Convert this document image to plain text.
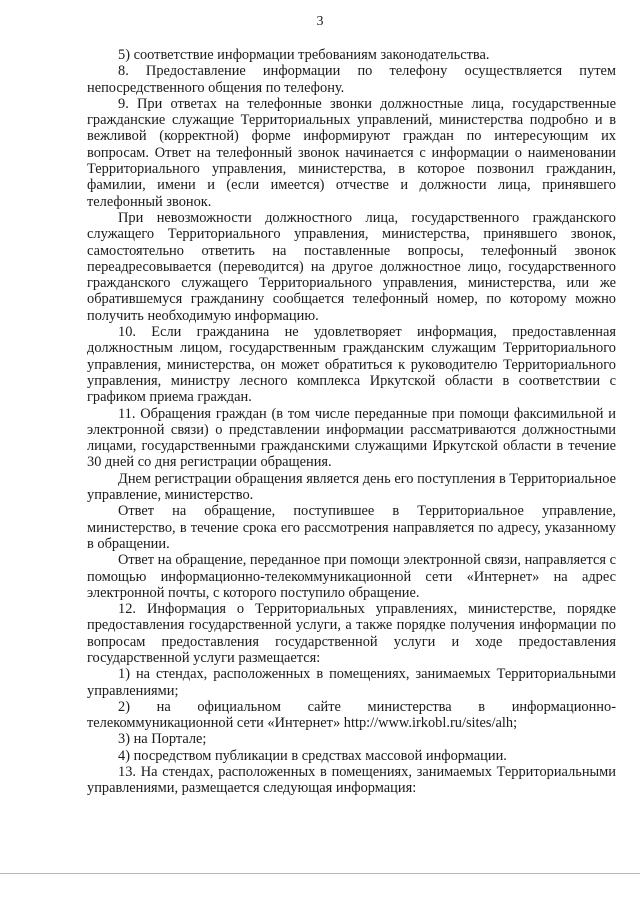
3

5) соответствие информации требованиям законодательства.

8. Предоставление информации по телефону осуществляется путем непосредственного общения по телефону.

9. При ответах на телефонные звонки должностные лица, государственные гражданские служащие Территориальных управлений, министерства подробно и в вежливой (корректной) форме информируют граждан по интересующим их вопросам. Ответ на телефонный звонок начинается с информации о наименовании Территориального управления, министерства, в которое позвонил гражданин, фамилии, имени и (если имеется) отчестве и должности лица, принявшего телефонный звонок.

При невозможности должностного лица, государственного гражданского служащего Территориального управления, министерства, принявшего звонок, самостоятельно ответить на поставленные вопросы, телефонный звонок переадресовывается (переводится) на другое должностное лицо, государственного гражданского служащего Территориального управления, министерства, или же обратившемуся гражданину сообщается телефонный номер, по которому можно получить необходимую информацию.

10. Если гражданина не удовлетворяет информация, предоставленная должностным лицом, государственным гражданским служащим Территориального управления, министерства, он может обратиться к руководителю Территориального управления, министру лесного комплекса Иркутской области в соответствии с графиком приема граждан.

11. Обращения граждан (в том числе переданные при помощи факсимильной и электронной связи) о представлении информации рассматриваются должностными лицами, государственными гражданскими служащими Иркутской области в течение 30 дней со дня регистрации обращения.

Днем регистрации обращения является день его поступления в Территориальное управление, министерство.

Ответ на обращение, поступившее в Территориальное управление, министерство, в течение срока его рассмотрения направляется по адресу, указанному в обращении.

Ответ на обращение, переданное при помощи электронной связи, направляется с помощью информационно-телекоммуникационной сети «Интернет» на адрес электронной почты, с которого поступило обращение.

12. Информация о Территориальных управлениях, министерстве, порядке предоставления государственной услуги, а также порядке получения информации по вопросам предоставления государственной услуги и ходе предоставления государственной услуги размещается:

1) на стендах, расположенных в помещениях, занимаемых Территориальными управлениями;

2) на официальном сайте министерства в информационно-телекоммуникационной сети «Интернет» http://www.irkobl.ru/sites/alh;

3) на Портале;

4) посредством публикации в средствах массовой информации.

13. На стендах, расположенных в помещениях, занимаемых Территориальными управлениями, размещается следующая информация:
